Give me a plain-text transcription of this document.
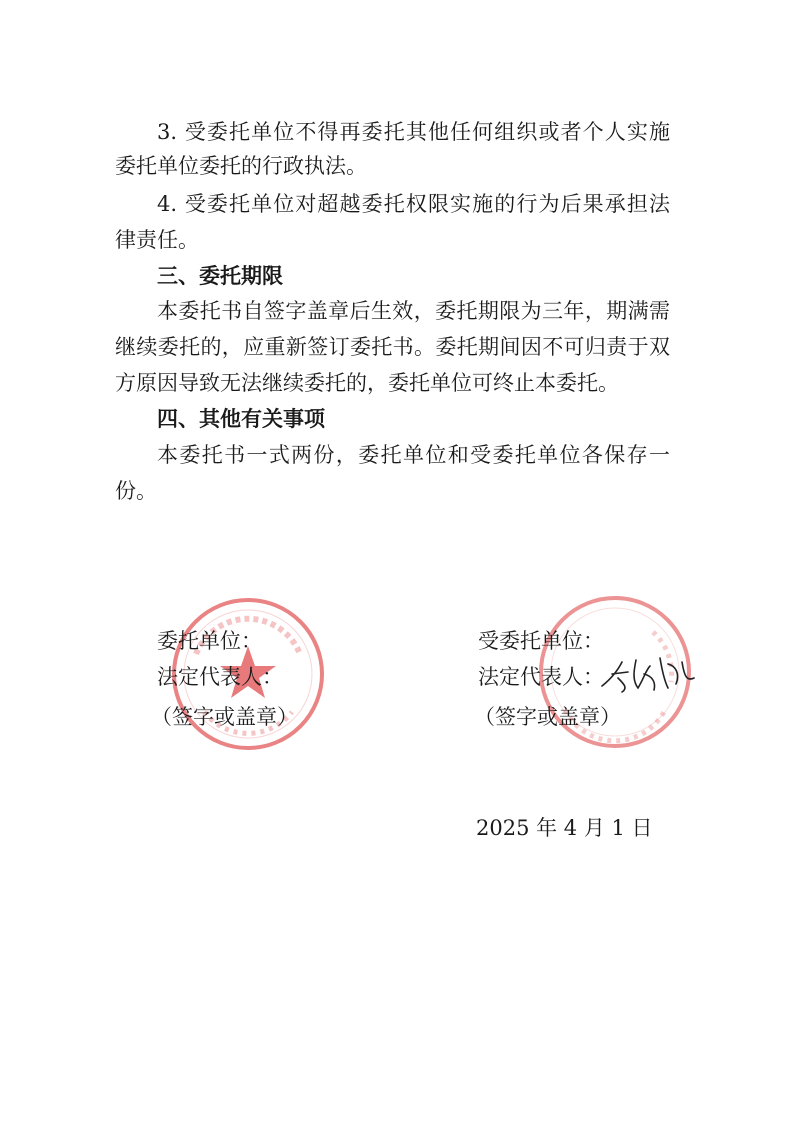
3. 受委托单位不得再委托其他任何组织或者个人实施
委托单位委托的行政执法。
4. 受委托单位对超越委托权限实施的行为后果承担法
律责任。
三、委托期限
本委托书自签字盖章后生效，委托期限为三年，期满需
继续委托的，应重新签订委托书。委托期间因不可归责于双
方原因导致无法继续委托的，委托单位可终止本委托。
四、其他有关事项
本委托书一式两份，委托单位和受委托单位各保存一
份。
委托单位：
法定代表人：
（签字或盖章）
受委托单位：
法定代表人：
（签字或盖章）
2025 年 4 月 1 日
